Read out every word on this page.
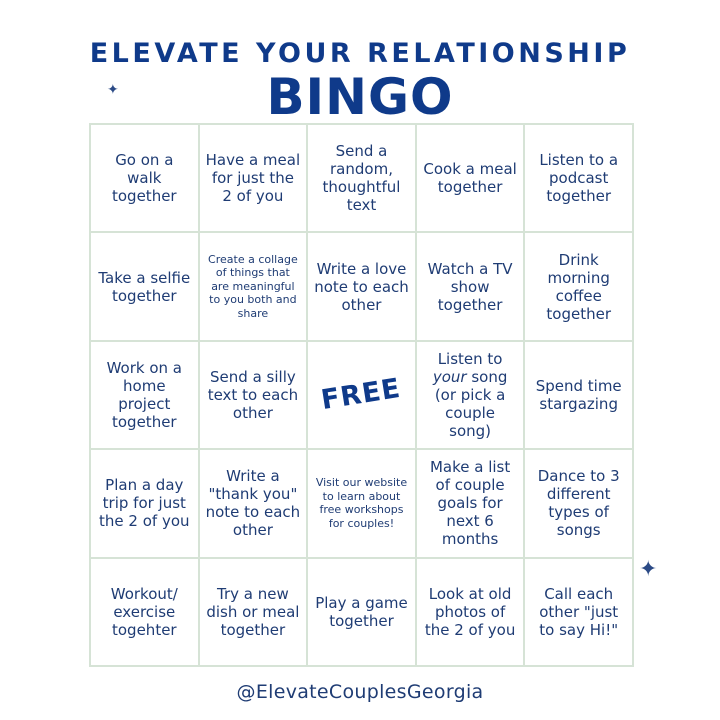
ELEVATE YOUR RELATIONSHIP
BINGO
✦
✦
Go on a walk together
Have a meal for just the 2 of you
Send a random, thoughtful text
Cook a meal together
Listen to a podcast together
Take a selfie together
Create a collage of things that are meaningful to you both and share
Write a love note to each other
Watch a TV show together
Drink morning coffee together
Work on a home project together
Send a silly text to each other	FREE
Listen to your song (or pick a couple song)
Spend time stargazing
Plan a day trip for just the 2 of you
Write a "thank you" note to each other
Visit our website to learn about free workshops for couples!
Make a list of couple goals for next 6 months
Dance to 3 different types of songs
Workout/ exercise togehter
Try a new dish or meal together
Play a game together
Look at old photos of the 2 of you
Call each other "just to say Hi!"
@ElevateCouplesGeorgia
